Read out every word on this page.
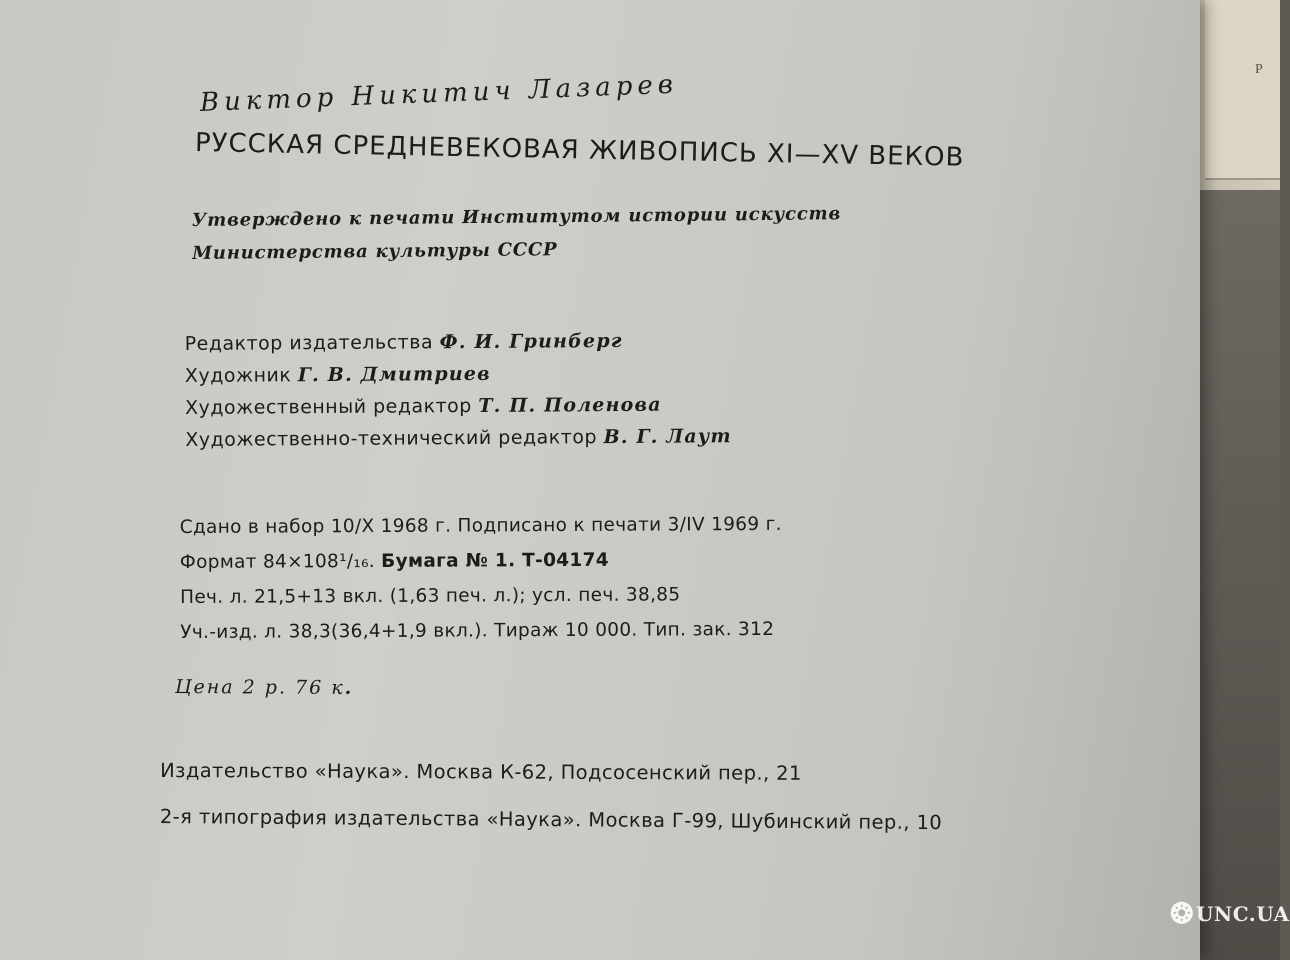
Р
Виктор Никитич Лазарев
РУССКАЯ СРЕДНЕВЕКОВАЯ ЖИВОПИСЬ XI—XV ВЕКОВ
Утверждено к печати Институтом истории искусств
Министерства культуры СССР
Редактор издательства Ф. И. Гринберг
Художник Г. В. Дмитриев
Художественный редактор Т. П. Поленова
Художественно-технический редактор В. Г. Лаут
Сдано в набор 10/X 1968 г. Подписано к печати 3/IV 1969 г.
Формат 84×108¹/₁₆. Бумага № 1. Т-04174
Печ. л. 21,5+13 вкл. (1,63 печ. л.); усл. печ. 38,85
Уч.-изд. л. 38,3(36,4+1,9 вкл.). Тираж 10 000. Тип. зак. 312
Цена 2 р. 76 к.
Издательство «Наука». Москва К-62, Подсосенский пер., 21
2-я типография издательства «Наука». Москва Г-99, Шубинский пер., 10
❂ UNC.UA
